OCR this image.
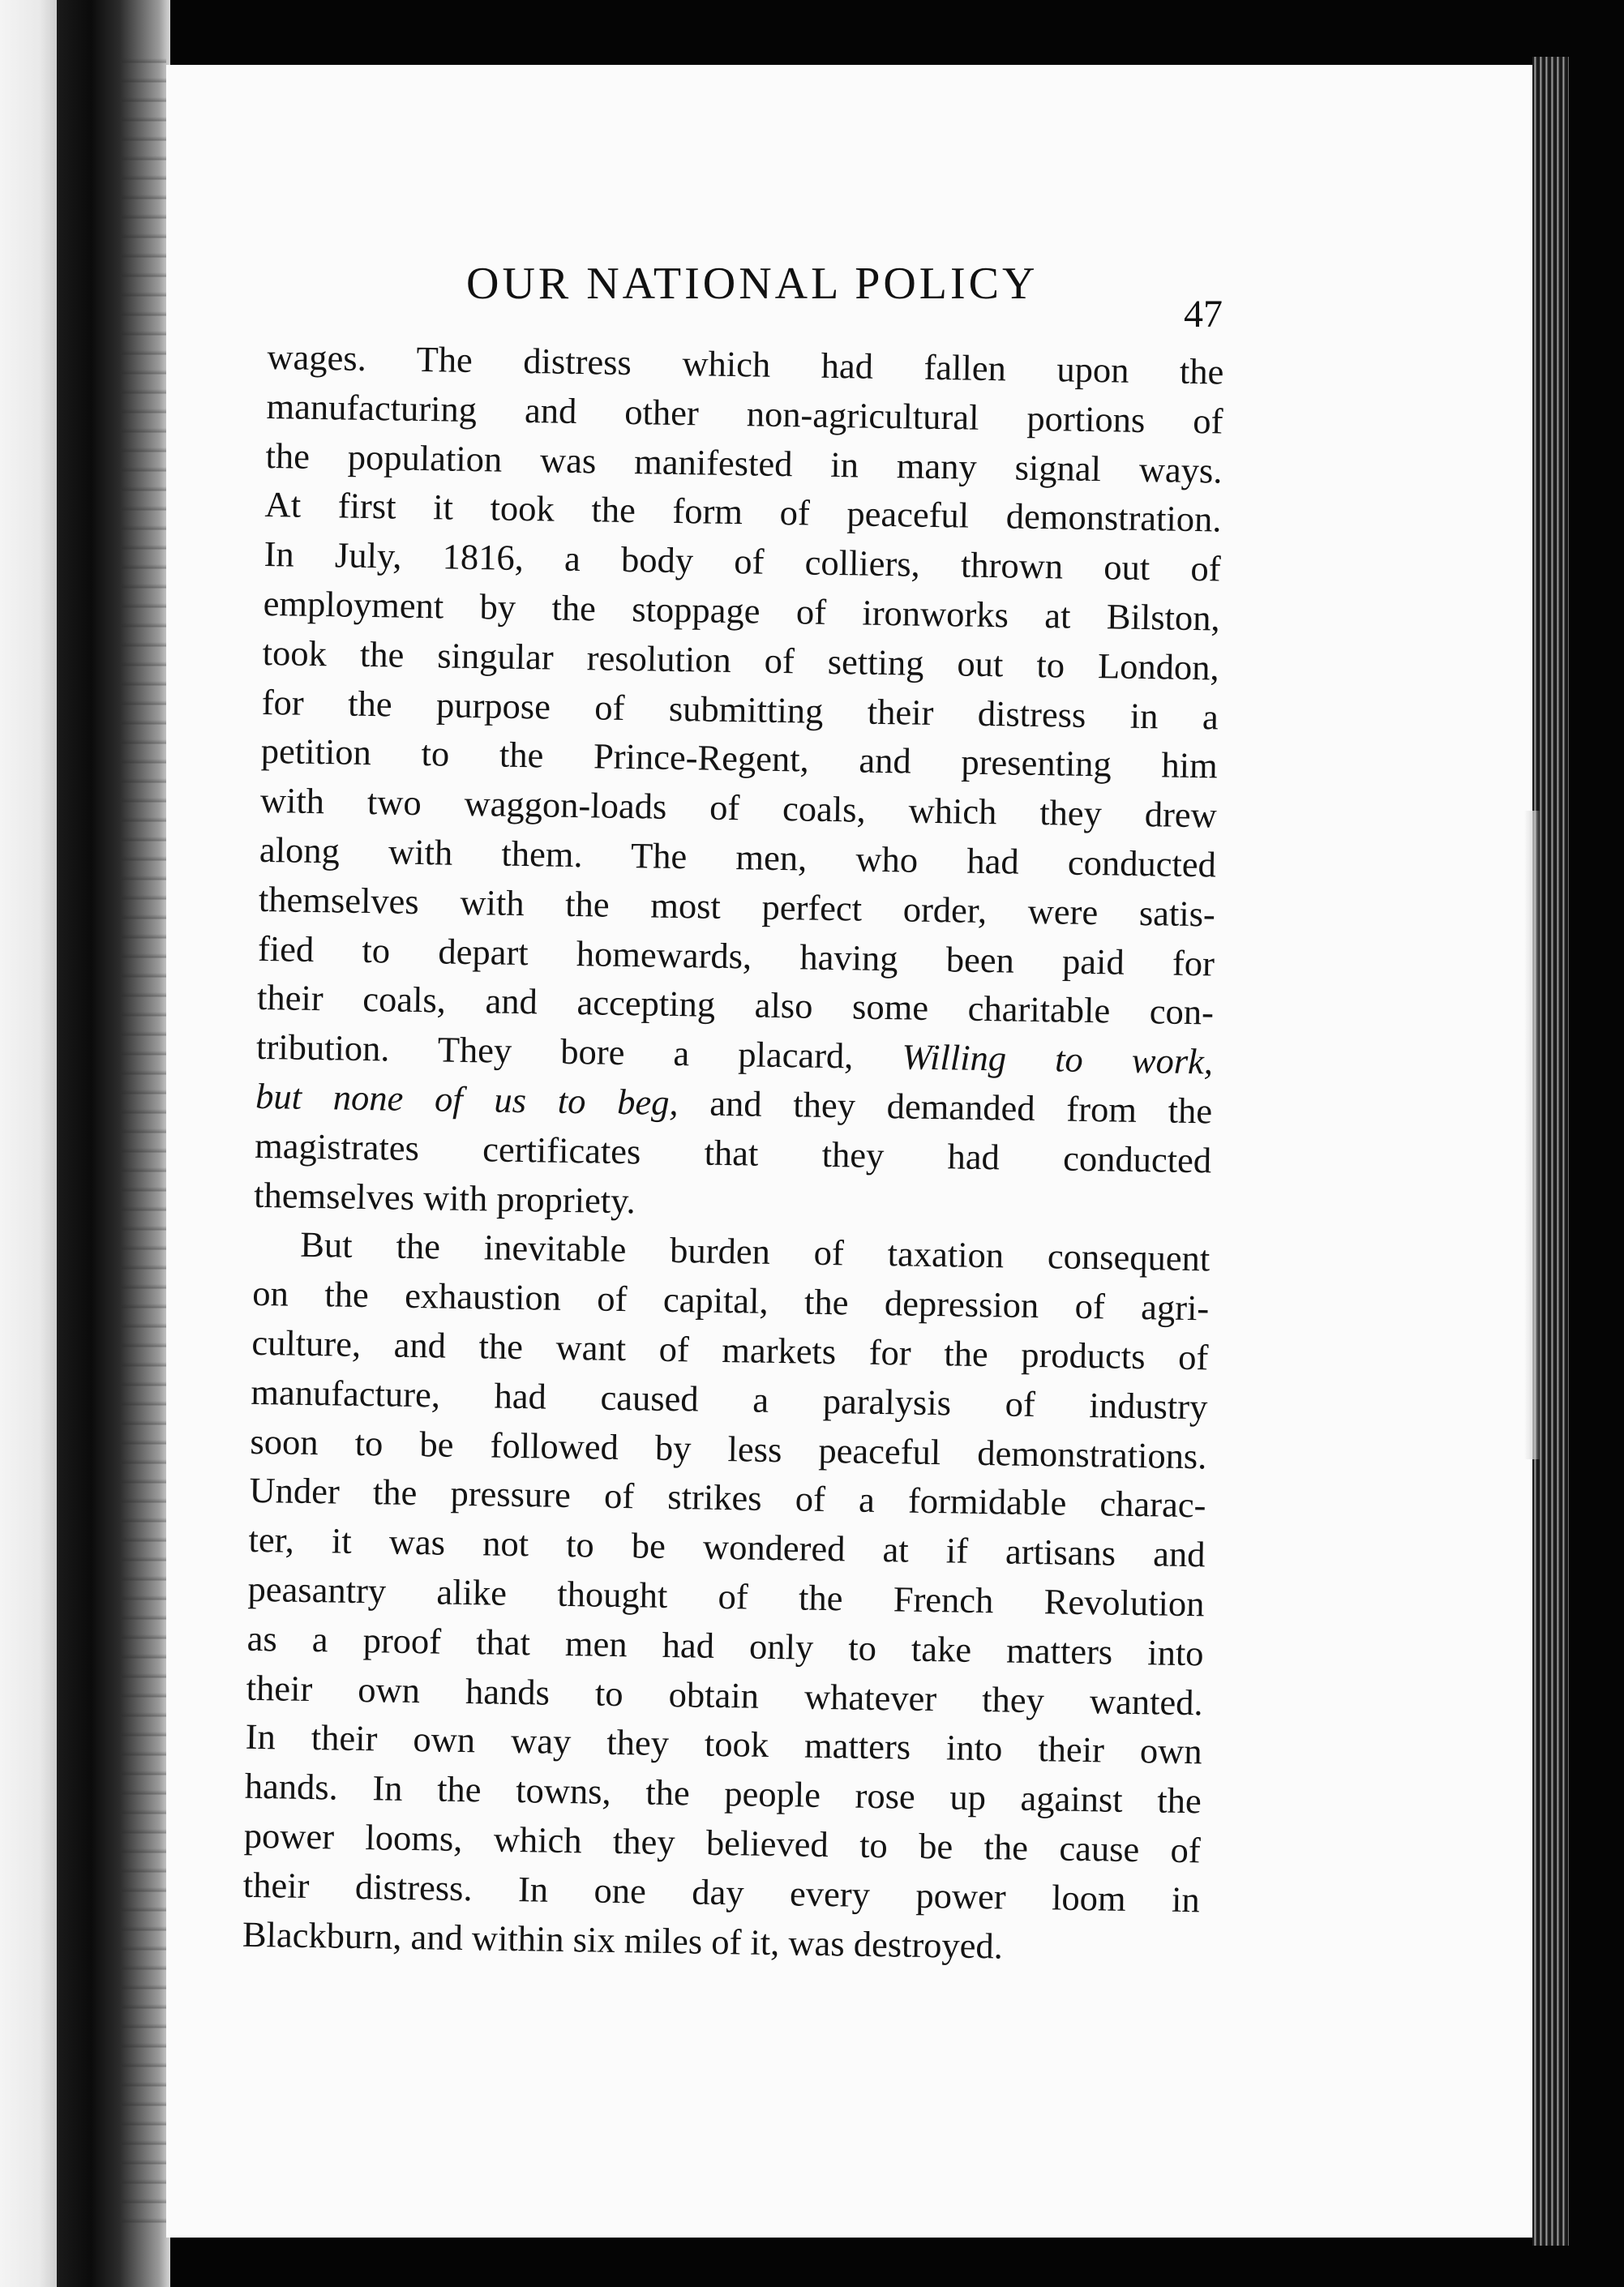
OUR NATIONAL POLICY
47
wages. The distress which had fallen upon the
manufacturing and other non-agricultural portions of
the population was manifested in many signal ways.
At first it took the form of peaceful demonstration.
In July, 1816, a body of colliers, thrown out of
employment by the stoppage of ironworks at Bilston,
took the singular resolution of setting out to London,
for the purpose of submitting their distress in a
petition to the Prince-Regent, and presenting him
with two waggon-loads of coals, which they drew
along with them. The men, who had conducted
themselves with the most perfect order, were satis-
fied to depart homewards, having been paid for
their coals, and accepting also some charitable con-
tribution. They bore a placard, Willing to work,
but none of us to beg, and they demanded from the
magistrates certificates that they had conducted
themselves with propriety.
But the inevitable burden of taxation consequent
on the exhaustion of capital, the depression of agri-
culture, and the want of markets for the products of
manufacture, had caused a paralysis of industry
soon to be followed by less peaceful demonstrations.
Under the pressure of strikes of a formidable charac-
ter, it was not to be wondered at if artisans and
peasantry alike thought of the French Revolution
as a proof that men had only to take matters into
their own hands to obtain whatever they wanted.
In their own way they took matters into their own
hands. In the towns, the people rose up against the
power looms, which they believed to be the cause of
their distress. In one day every power loom in
Blackburn, and within six miles of it, was destroyed.
